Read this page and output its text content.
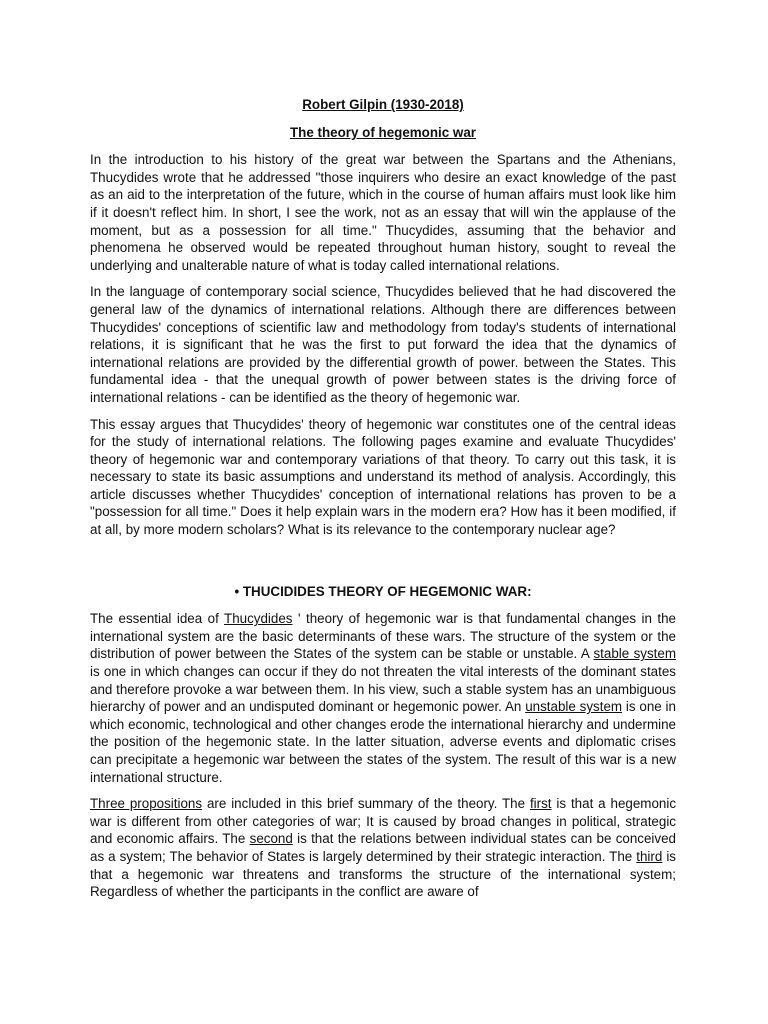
Robert Gilpin (1930-2018)
The theory of hegemonic war

In the introduction to his history of the great war between the Spartans and the Athenians, Thucydides wrote that he addressed "those inquirers who desire an exact knowledge of the past as an aid to the interpretation of the future, which in the course of human affairs must look like him if it doesn't reflect him. In short, I see the work, not as an essay that will win the applause of the moment, but as a possession for all time." Thucydides, assuming that the behavior and phenomena he observed would be repeated throughout human history, sought to reveal the underlying and unalterable nature of what is today called international relations.

In the language of contemporary social science, Thucydides believed that he had discovered the general law of the dynamics of international relations. Although there are differences between Thucydides' conceptions of scientific law and methodology from today's students of international relations, it is significant that he was the first to put forward the idea that the dynamics of international relations are provided by the differential growth of power. between the States. This fundamental idea - that the unequal growth of power between states is the driving force of international relations - can be identified as the theory of hegemonic war.

This essay argues that Thucydides' theory of hegemonic war constitutes one of the central ideas for the study of international relations. The following pages examine and evaluate Thucydides' theory of hegemonic war and contemporary variations of that theory. To carry out this task, it is necessary to state its basic assumptions and understand its method of analysis. Accordingly, this article discusses whether Thucydides' conception of international relations has proven to be a "possession for all time." Does it help explain wars in the modern era? How has it been modified, if at all, by more modern scholars? What is its relevance to the contemporary nuclear age?

• THUCIDIDES THEORY OF HEGEMONIC WAR:

The essential idea of Thucydides ' theory of hegemonic war is that fundamental changes in the international system are the basic determinants of these wars. The structure of the system or the distribution of power between the States of the system can be stable or unstable. A stable system is one in which changes can occur if they do not threaten the vital interests of the dominant states and therefore provoke a war between them. In his view, such a stable system has an unambiguous hierarchy of power and an undisputed dominant or hegemonic power. An unstable system is one in which economic, technological and other changes erode the international hierarchy and undermine the position of the hegemonic state. In the latter situation, adverse events and diplomatic crises can precipitate a hegemonic war between the states of the system. The result of this war is a new international structure.

Three propositions are included in this brief summary of the theory. The first is that a hegemonic war is different from other categories of war; It is caused by broad changes in political, strategic and economic affairs. The second is that the relations between individual states can be conceived as a system; The behavior of States is largely determined by their strategic interaction. The third is that a hegemonic war threatens and transforms the structure of the international system; Regardless of whether the participants in the conflict are aware of
